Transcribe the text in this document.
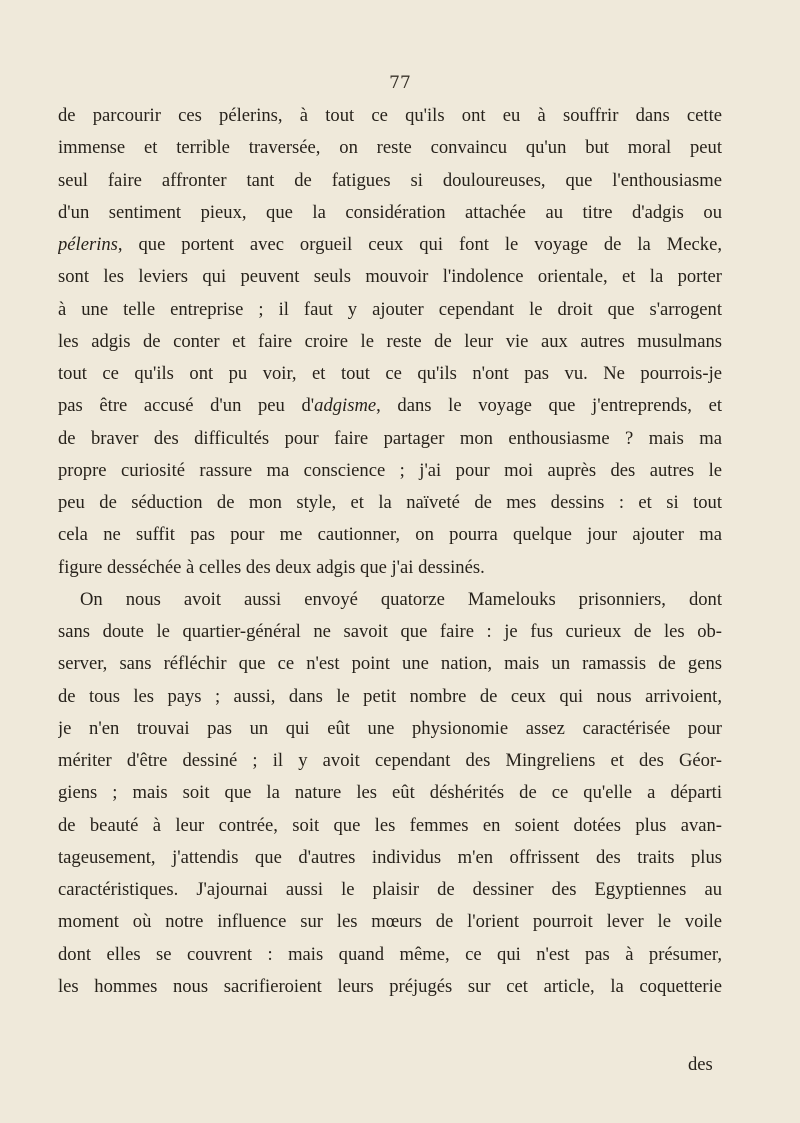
77
de parcourir ces pélerins, à tout ce qu'ils ont eu à souffrir dans cette
immense et terrible traversée, on reste convaincu qu'un but moral peut
seul faire affronter tant de fatigues si douloureuses, que l'enthousiasme
d'un sentiment pieux, que la considération attachée au titre d'adgis ou
pélerins, que portent avec orgueil ceux qui font le voyage de la Mecke,
sont les leviers qui peuvent seuls mouvoir l'indolence orientale, et la porter
à une telle entreprise ; il faut y ajouter cependant le droit que s'arrogent
les adgis de conter et faire croire le reste de leur vie aux autres musulmans
tout ce qu'ils ont pu voir, et tout ce qu'ils n'ont pas vu. Ne pourrois-je
pas être accusé d'un peu d'adgisme, dans le voyage que j'entreprends, et
de braver des difficultés pour faire partager mon enthousiasme ? mais ma
propre curiosité rassure ma conscience ; j'ai pour moi auprès des autres le
peu de séduction de mon style, et la naïveté de mes dessins : et si tout
cela ne suffit pas pour me cautionner, on pourra quelque jour ajouter ma
figure desséchée à celles des deux adgis que j'ai dessinés.
On nous avoit aussi envoyé quatorze Mamelouks prisonniers, dont
sans doute le quartier-général ne savoit que faire : je fus curieux de les ob-
server, sans réfléchir que ce n'est point une nation, mais un ramassis de gens
de tous les pays ; aussi, dans le petit nombre de ceux qui nous arrivoient,
je n'en trouvai pas un qui eût une physionomie assez caractérisée pour
mériter d'être dessiné ; il y avoit cependant des Mingreliens et des Géor-
giens ; mais soit que la nature les eût déshérités de ce qu'elle a départi
de beauté à leur contrée, soit que les femmes en soient dotées plus avan-
tageusement, j'attendis que d'autres individus m'en offrissent des traits plus
caractéristiques. J'ajournai aussi le plaisir de dessiner des Egyptiennes au
moment où notre influence sur les mœurs de l'orient pourroit lever le voile
dont elles se couvrent : mais quand même, ce qui n'est pas à présumer,
les hommes nous sacrifieroient leurs préjugés sur cet article, la coquetterie
des
